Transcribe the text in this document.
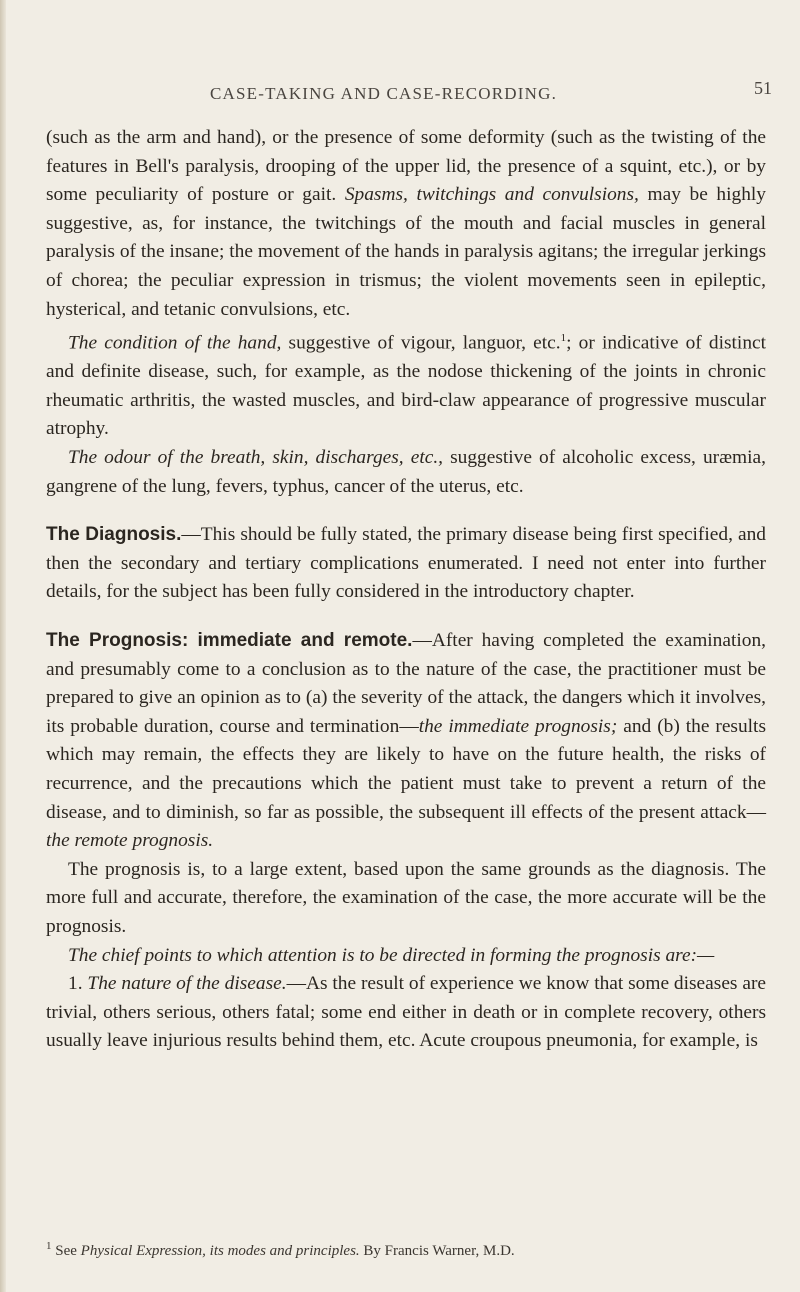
CASE-TAKING AND CASE-RECORDING.	51

(such as the arm and hand), or the presence of some deformity (such as the twisting of the features in Bell's paralysis, drooping of the upper lid, the presence of a squint, etc.), or by some peculiarity of posture or gait. Spasms, twitchings and convulsions, may be highly suggestive, as, for instance, the twitchings of the mouth and facial muscles in general paralysis of the insane; the movement of the hands in paralysis agitans; the irregular jerkings of chorea; the peculiar expression in trismus; the violent movements seen in epileptic, hysterical, and tetanic convulsions, etc.

The condition of the hand, suggestive of vigour, languor, etc.$^1$; or indicative of distinct and definite disease, such, for example, as the nodose thickening of the joints in chronic rheumatic arthritis, the wasted muscles, and bird-claw appearance of progressive muscular atrophy.

The odour of the breath, skin, discharges, etc., suggestive of alcoholic excess, uræmia, gangrene of the lung, fevers, typhus, cancer of the uterus, etc.

The Diagnosis.—This should be fully stated, the primary disease being first specified, and then the secondary and tertiary complications enumerated. I need not enter into further details, for the subject has been fully considered in the introductory chapter.

The Prognosis: immediate and remote.—After having completed the examination, and presumably come to a conclusion as to the nature of the case, the practitioner must be prepared to give an opinion as to (a) the severity of the attack, the dangers which it involves, its probable duration, course and termination—the immediate prognosis; and (b) the results which may remain, the effects they are likely to have on the future health, the risks of recurrence, and the precautions which the patient must take to prevent a return of the disease, and to diminish, so far as possible, the subsequent ill effects of the present attack—the remote prognosis.

The prognosis is, to a large extent, based upon the same grounds as the diagnosis. The more full and accurate, therefore, the examination of the case, the more accurate will be the prognosis.

The chief points to which attention is to be directed in forming the prognosis are:—

1. The nature of the disease.—As the result of experience we know that some diseases are trivial, others serious, others fatal; some end either in death or in complete recovery, others usually leave injurious results behind them, etc. Acute croupous pneumonia, for example, is

$^1$ See Physical Expression, its modes and principles. By Francis Warner, M.D.
